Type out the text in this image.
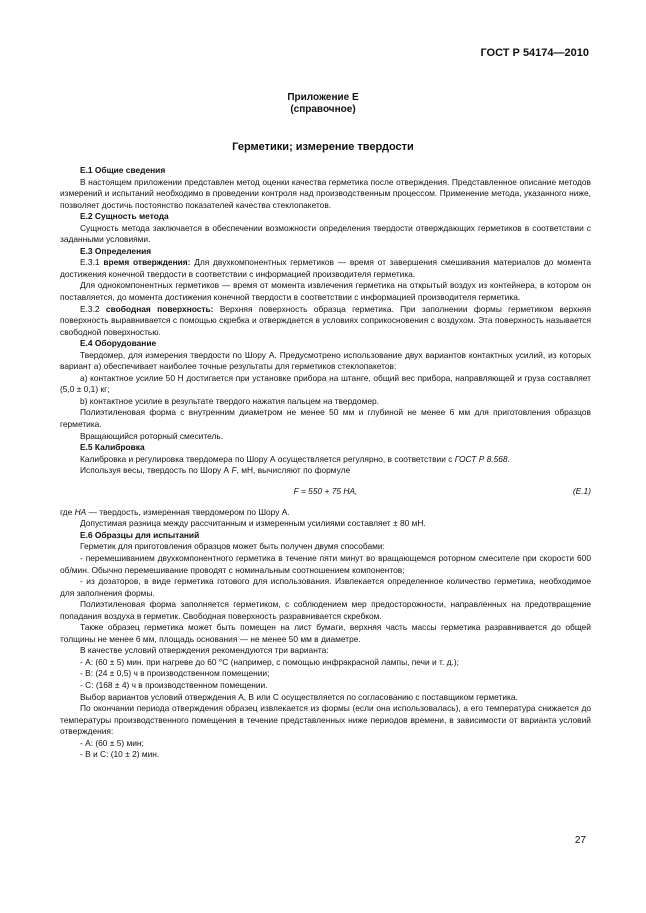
ГОСТ Р 54174—2010
Приложение Е
(справочное)
Герметики; измерение твердости

Е.1 Общие сведения

В настоящем приложении представлен метод оценки качества герметика после отверждения. Представленное описание методов измерений и испытаний необходимо в проведении контроля над производственным процессом. Применение метода, указанного ниже, позволяет достичь постоянство показателей качества стеклопакетов.

Е.2 Сущность метода

Сущность метода заключается в обеспечении возможности определения твердости отверждающих герметиков в соответствии с заданными условиями.

Е.3 Определения

Е.3.1 время отверждения: Для двухкомпонентных герметиков — время от завершения смешивания материалов до момента достижения конечной твердости в соответствии с информацией производителя герметика.

Для однокомпонентных герметиков — время от момента извлечения герметика на открытый воздух из контейнера, в котором он поставляется, до момента достижения конечной твердости в соответствии с информацией производителя герметика.

Е.3.2 свободная поверхность: Верхняя поверхность образца герметика. При заполнении формы герметиком верхняя поверхность выравнивается с помощью скребка и отверждается в условиях соприкосновения с воздухом. Эта поверхность называется свободной поверхностью.

Е.4 Оборудование

Твердомер, для измерения твердости по Шору А. Предусмотрено использование двух вариантов контактных усилий, из которых вариант а) обеспечивает наиболее точные результаты для герметиков стеклопакетов:

а) контактное усилие 50 Н достигается при установке прибора на штанге, общий вес прибора, направляющей и груза составляет (5,0 ± 0,1) кг;

b) контактное усилие в результате твердого нажатия пальцем на твердомер.

Полиэтиленовая форма с внутренним диаметром не менее 50 мм и глубиной не менее 6 мм для приготовления образцов герметика.

Вращающийся роторный смеситель.

Е.5 Калибровка

Калибровка и регулировка твердомера по Шору А осуществляется регулярно, в соответствии с ГОСТ Р 8.568.

Используя весы, твердость по Шору А F, мН, вычисляют по формуле

F = 550 + 75 HA,	(E.1)

где HA — твердость, измеренная твердомером по Шору А.

Допустимая разница между рассчитанным и измеренным усилиями составляет ± 80 мН.

Е.6 Образцы для испытаний

Герметик для приготовления образцов может быть получен двумя способами:

- перемешиванием двухкомпонентного герметика в течение пяти минут во вращающемся роторном смесителе при скорости 600 об/мин. Обычно перемешивание проводят с номинальным соотношением компонентов;

- из дозаторов, в виде герметика готового для использования. Извлекается определенное количество герметика, необходимое для заполнения формы.

Полиэтиленовая форма заполняется герметиком, с соблюдением мер предосторожности, направленных на предотвращение попадания воздуха в герметик. Свободная поверхность разравнивается скребком.

Также образец герметика может быть помещен на лист бумаги, верхняя часть массы герметика разравнивается до общей толщины не менее 6 мм, площадь основания — не менее 50 мм в диаметре.

В качестве условий отверждения рекомендуются три варианта:

- А: (60 ± 5) мин. при нагреве до 60 °С (например, с помощью инфракрасной лампы, печи и т. д.);

- В: (24 ± 0,5) ч в производственном помещении;

- С: (168 ± 4) ч в производственном помещении.

Выбор вариантов условий отверждения А, В или С осуществляется по согласованию с поставщиком герметика.

По окончании периода отверждения образец извлекается из формы (если она использовалась), а его температура снижается до температуры производственного помещения в течение представленных ниже периодов времени, в зависимости от варианта условий отверждения:

- А: (60 ± 5) мин;

- В и С: (10 ± 2) мин.

27
